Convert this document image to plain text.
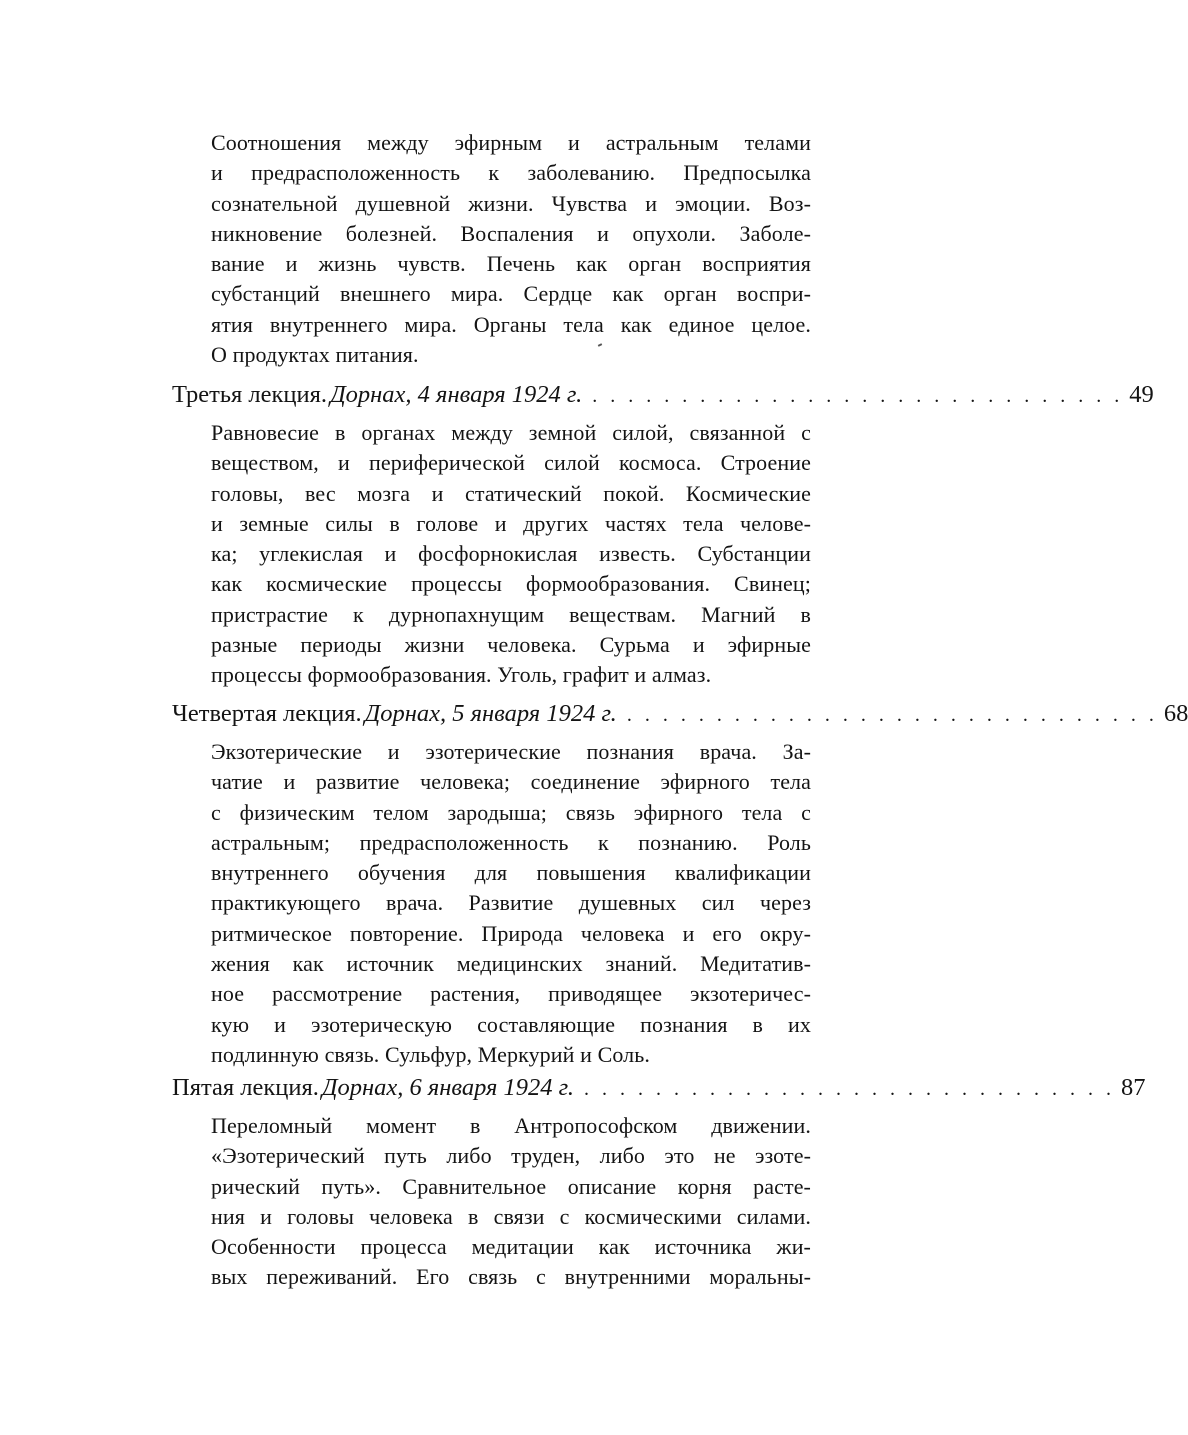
Соотношения между эфирным и астральным телами
и предрасположенность к заболеванию. Предпосылка
сознательной душевной жизни. Чувства и эмоции. Воз-
никновение болезней. Воспаления и опухоли. Заболе-
вание и жизнь чувств. Печень как орган восприятия
субстанций внешнего мира. Сердце как орган воспри-
ятия внутреннего мира. Органы тела как единое целое.
О продуктах питания.
Третья лекция. Дорнах, 4 января 1924 г. . . . . . . . . . . . . . . . . . . . . . . . . . . . . . . 49
Равновесие в органах между земной силой, связанной с
веществом, и периферической силой космоса. Строение
головы, вес мозга и статический покой. Космические
и земные силы в голове и других частях тела челове-
ка; углекислая и фосфорнокислая известь. Субстанции
как космические процессы формообразования. Свинец;
пристрастие к дурнопахнущим веществам. Магний в
разные периоды жизни человека. Сурьма и эфирные
процессы формообразования. Уголь, графит и алмаз.
Четвертая лекция. Дорнах, 5 января 1924 г. . . . . . . . . . . . . . . . . . . . . . . . . . . . . . . 68
Экзотерические и эзотерические познания врача. За-
чатие и развитие человека; соединение эфирного тела
с физическим телом зародыша; связь эфирного тела с
астральным; предрасположенность к познанию. Роль
внутреннего обучения для повышения квалификации
практикующего врача. Развитие душевных сил через
ритмическое повторение. Природа человека и его окру-
жения как источник медицинских знаний. Медитатив-
ное рассмотрение растения, приводящее экзотеричес-
кую и эзотерическую составляющие познания в их
подлинную связь. Сульфур, Меркурий и Соль.
Пятая лекция. Дорнах, 6 января 1924 г. . . . . . . . . . . . . . . . . . . . . . . . . . . . . . . 87
Переломный момент в Антропософском движении.
«Эзотерический путь либо труден, либо это не эзоте-
рический путь». Сравнительное описание корня расте-
ния и головы человека в связи с космическими силами.
Особенности процесса медитации как источника жи-
вых переживаний. Его связь с внутренними моральны-
